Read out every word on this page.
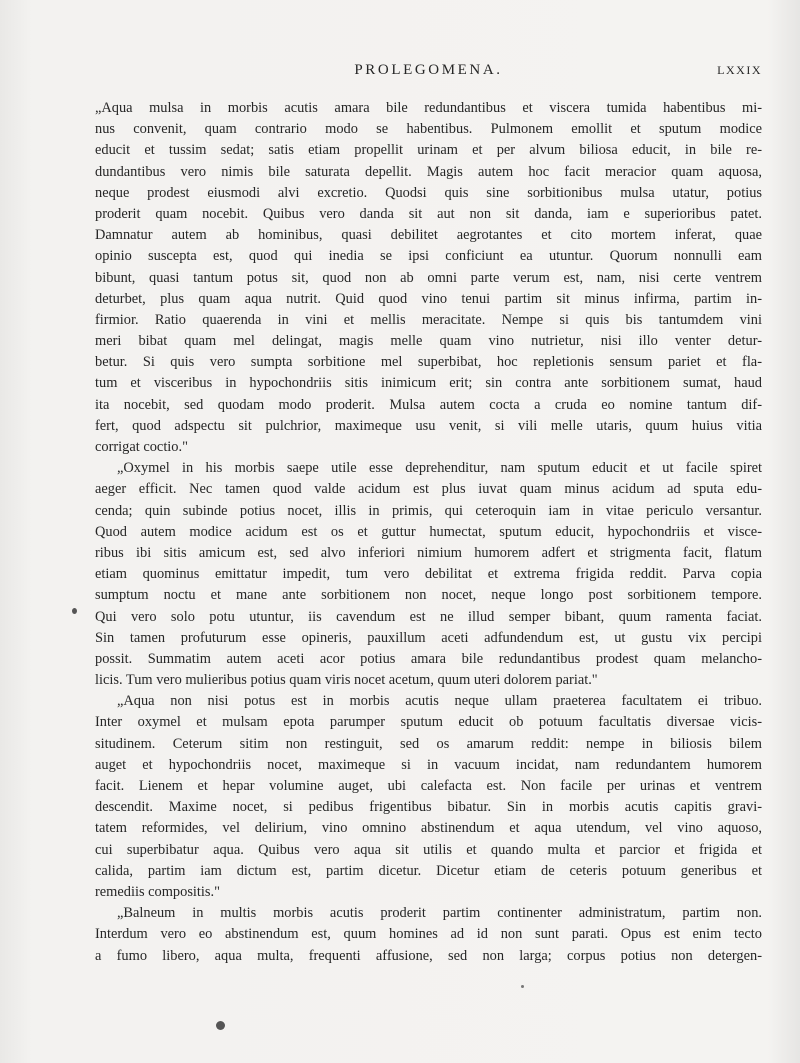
PROLEGOMENA.	LXXIX
„Aqua mulsa in morbis acutis amara bile redundantibus et viscera tumida habentibus mi-
nus convenit, quam contrario modo se habentibus. Pulmonem emollit et sputum modice
educit et tussim sedat; satis etiam propellit urinam et per alvum biliosa educit, in bile re-
dundantibus vero nimis bile saturata depellit. Magis autem hoc facit meracior quam aquosa,
neque prodest eiusmodi alvi excretio. Quodsi quis sine sorbitionibus mulsa utatur, potius
proderit quam nocebit. Quibus vero danda sit aut non sit danda, iam e superioribus patet.
Damnatur autem ab hominibus, quasi debilitet aegrotantes et cito mortem inferat, quae
opinio suscepta est, quod qui inedia se ipsi conficiunt ea utuntur. Quorum nonnulli eam
bibunt, quasi tantum potus sit, quod non ab omni parte verum est, nam, nisi certe ventrem
deturbet, plus quam aqua nutrit. Quid quod vino tenui partim sit minus infirma, partim in-
firmior. Ratio quaerenda in vini et mellis meracitate. Nempe si quis bis tantumdem vini
meri bibat quam mel delingat, magis melle quam vino nutrietur, nisi illo venter detur-
betur. Si quis vero sumpta sorbitione mel superbibat, hoc repletionis sensum pariet et fla-
tum et visceribus in hypochondriis sitis inimicum erit; sin contra ante sorbitionem sumat, haud
ita nocebit, sed quodam modo proderit. Mulsa autem cocta a cruda eo nomine tantum dif-
fert, quod adspectu sit pulchrior, maximeque usu venit, si vili melle utaris, quum huius vitia
corrigat coctio."
„Oxymel in his morbis saepe utile esse deprehenditur, nam sputum educit et ut facile spiret
aeger efficit. Nec tamen quod valde acidum est plus iuvat quam minus acidum ad sputa edu-
cenda; quin subinde potius nocet, illis in primis, qui ceteroquin iam in vitae periculo versantur.
Quod autem modice acidum est os et guttur humectat, sputum educit, hypochondriis et visce-
ribus ibi sitis amicum est, sed alvo inferiori nimium humorem adfert et strigmenta facit, flatum
etiam quominus emittatur impedit, tum vero debilitat et extrema frigida reddit. Parva copia
sumptum noctu et mane ante sorbitionem non nocet, neque longo post sorbitionem tempore.
Qui vero solo potu utuntur, iis cavendum est ne illud semper bibant, quum ramenta faciat.
Sin tamen profuturum esse opineris, pauxillum aceti adfundendum est, ut gustu vix percipi
possit. Summatim autem aceti acor potius amara bile redundantibus prodest quam melancho-
licis. Tum vero mulieribus potius quam viris nocet acetum, quum uteri dolorem pariat."
„Aqua non nisi potus est in morbis acutis neque ullam praeterea facultatem ei tribuo.
Inter oxymel et mulsam epota parumper sputum educit ob potuum facultatis diversae vicis-
situdinem. Ceterum sitim non restinguit, sed os amarum reddit: nempe in biliosis bilem
auget et hypochondriis nocet, maximeque si in vacuum incidat, nam redundantem humorem
facit. Lienem et hepar volumine auget, ubi calefacta est. Non facile per urinas et ventrem
descendit. Maxime nocet, si pedibus frigentibus bibatur. Sin in morbis acutis capitis gravi-
tatem reformides, vel delirium, vino omnino abstinendum et aqua utendum, vel vino aquoso,
cui superbibatur aqua. Quibus vero aqua sit utilis et quando multa et parcior et frigida et
calida, partim iam dictum est, partim dicetur. Dicetur etiam de ceteris potuum generibus et
remediis compositis."
„Balneum in multis morbis acutis proderit partim continenter administratum, partim non.
Interdum vero eo abstinendum est, quum homines ad id non sunt parati. Opus est enim tecto
a fumo libero, aqua multa, frequenti affusione, sed non larga; corpus potius non detergen-
